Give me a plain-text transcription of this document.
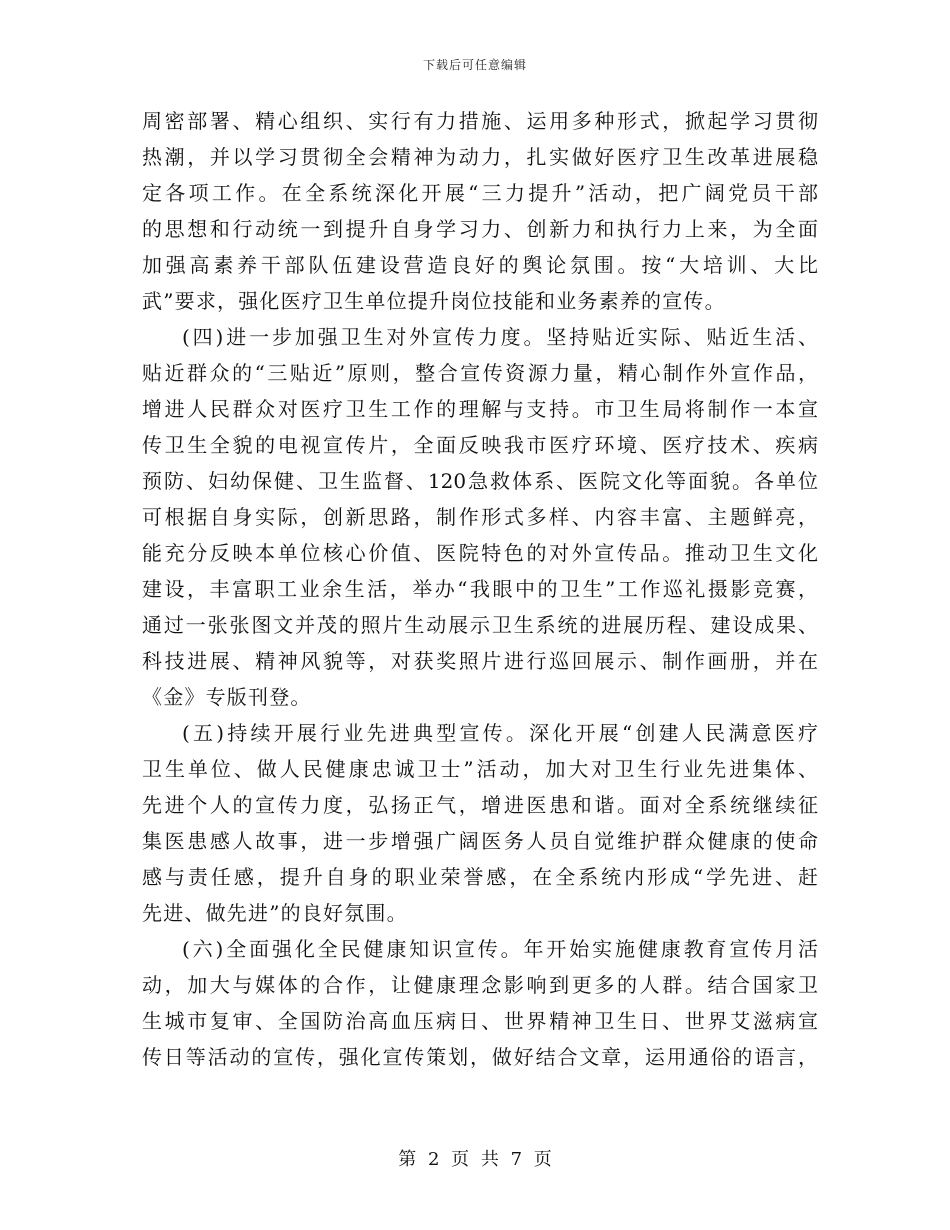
下载后可任意编辑
周密部署、精心组织、实行有力措施、运用多种形式，掀起学习贯彻
热潮，并以学习贯彻全会精神为动力，扎实做好医疗卫生改革进展稳
定各项工作。在全系统深化开展“三力提升”活动，把广阔党员干部
的思想和行动统一到提升自身学习力、创新力和执行力上来，为全面
加强高素养干部队伍建设营造良好的舆论氛围。按“大培训、大比
武”要求，强化医疗卫生单位提升岗位技能和业务素养的宣传。
(四)进一步加强卫生对外宣传力度。坚持贴近实际、贴近生活、
贴近群众的“三贴近”原则，整合宣传资源力量，精心制作外宣作品，
增进人民群众对医疗卫生工作的理解与支持。市卫生局将制作一本宣
传卫生全貌的电视宣传片，全面反映我市医疗环境、医疗技术、疾病
预防、妇幼保健、卫生监督、120急救体系、医院文化等面貌。各单位
可根据自身实际，创新思路，制作形式多样、内容丰富、主题鲜亮，
能充分反映本单位核心价值、医院特色的对外宣传品。推动卫生文化
建设，丰富职工业余生活，举办“我眼中的卫生”工作巡礼摄影竞赛，
通过一张张图文并茂的照片生动展示卫生系统的进展历程、建设成果、
科技进展、精神风貌等，对获奖照片进行巡回展示、制作画册，并在
《金》专版刊登。
(五)持续开展行业先进典型宣传。深化开展“创建人民满意医疗
卫生单位、做人民健康忠诚卫士”活动，加大对卫生行业先进集体、
先进个人的宣传力度，弘扬正气，增进医患和谐。面对全系统继续征
集医患感人故事，进一步增强广阔医务人员自觉维护群众健康的使命
感与责任感，提升自身的职业荣誉感，在全系统内形成“学先进、赶
先进、做先进”的良好氛围。
(六)全面强化全民健康知识宣传。年开始实施健康教育宣传月活
动，加大与媒体的合作，让健康理念影响到更多的人群。结合国家卫
生城市复审、全国防治高血压病日、世界精神卫生日、世界艾滋病宣
传日等活动的宣传，强化宣传策划，做好结合文章，运用通俗的语言，
第 2 页 共 7 页
